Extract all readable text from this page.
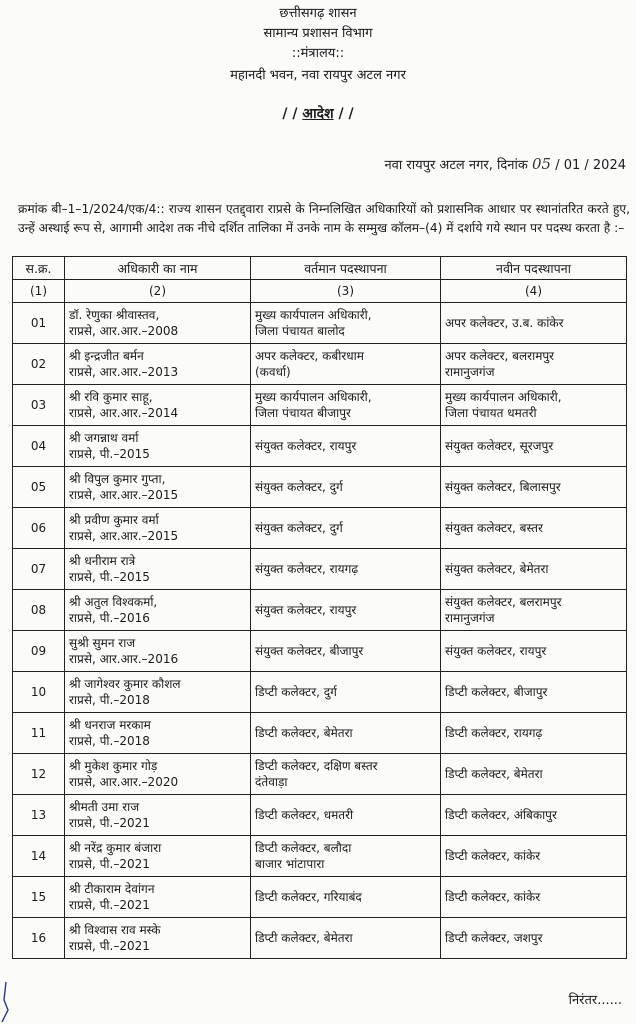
छत्तीसगढ़ शासन
सामान्य प्रशासन विभाग
::मंत्रालय::
महानदी भवन, नवा रायपुर अटल नगर
/ / आदेश / /
नवा रायपुर अटल नगर, दिनांक 05 / 01 / 2024
क्रमांक बी–1–1/2024/एक/4:: राज्य शासन एतद्द्वारा राप्रसे के निम्नलिखित अधिकारियों को प्रशासनिक आधार पर स्थानांतरित करते हुए, उन्हें अस्थाई रूप से, आगामी आदेश तक नीचे दर्शित तालिका में उनके नाम के सम्मुख कॉलम–(4) में दर्शाये गये स्थान पर पदस्थ करता है :–
स.क्र.	अधिकारी का नाम	वर्तमान पदस्थापना	नवीन पदस्थापना
(1)	(2)	(3)	(4)
01	डॉ. रेणुका श्रीवास्तव,
राप्रसे, आर.आर.–2008	मुख्य कार्यपालन अधिकारी,
जिला पंचायत बालोद	अपर कलेक्टर, उ.ब. कांकेर

02	श्री इन्द्रजीत बर्मन
राप्रसे, आर.आर.–2013	अपर कलेक्टर, कबीरधाम
(कवर्धा)	अपर कलेक्टर, बलरामपुर
रामानुजगंज

03	श्री रवि कुमार साहू,
राप्रसे, आर.आर.–2014	मुख्य कार्यपालन अधिकारी,
जिला पंचायत बीजापुर	मुख्य कार्यपालन अधिकारी,
जिला पंचायत धमतरी

04	श्री जगन्नाथ वर्मा
राप्रसे, पी.–2015	संयुक्त कलेक्टर, रायपुर	संयुक्त कलेक्टर, सूरजपुर

05	श्री विपुल कुमार गुप्ता,
राप्रसे, आर.आर.–2015	संयुक्त कलेक्टर, दुर्ग	संयुक्त कलेक्टर, बिलासपुर

06	श्री प्रवीण कुमार वर्मा
राप्रसे, आर.आर.–2015	संयुक्त कलेक्टर, दुर्ग	संयुक्त कलेक्टर, बस्तर

07	श्री धनीराम रात्रे
राप्रसे, पी.–2015	संयुक्त कलेक्टर, रायगढ़	संयुक्त कलेक्टर, बेमेतरा

08	श्री अतुल विश्वकर्मा,
राप्रसे, पी.–2016	संयुक्त कलेक्टर, रायपुर	संयुक्त कलेक्टर, बलरामपुर
रामानुजगंज

09	सुश्री सुमन राज
राप्रसे, आर.आर.–2016	संयुक्त कलेक्टर, बीजापुर	संयुक्त कलेक्टर, रायपुर

10	श्री जागेश्वर कुमार कौशल
राप्रसे, पी.–2018	डिप्टी कलेक्टर, दुर्ग	डिप्टी कलेक्टर, बीजापुर

11	श्री धनराज मरकाम
राप्रसे, पी.–2018	डिप्टी कलेक्टर, बेमेतरा	डिप्टी कलेक्टर, रायगढ़

12	श्री मुकेश कुमार गोड़
राप्रसे, आर.आर.–2020	डिप्टी कलेक्टर, दक्षिण बस्तर
दंतेवाड़ा	डिप्टी कलेक्टर, बेमेतरा

13	श्रीमती उमा राज
राप्रसे, पी.–2021	डिप्टी कलेक्टर, धमतरी	डिप्टी कलेक्टर, अंबिकापुर

14	श्री नरेंद्र कुमार बंजारा
राप्रसे, पी.–2021	डिप्टी कलेक्टर, बलौदा
बाजार भांटापारा	डिप्टी कलेक्टर, कांकेर

15	श्री टीकाराम देवांगन
राप्रसे, पी.–2021	डिप्टी कलेक्टर, गरियाबंद	डिप्टी कलेक्टर, कांकेर

16	श्री विश्वास राव मस्के
राप्रसे, पी.–2021	डिप्टी कलेक्टर, बेमेतरा	डिप्टी कलेक्टर, जशपुर
निरंतर......
